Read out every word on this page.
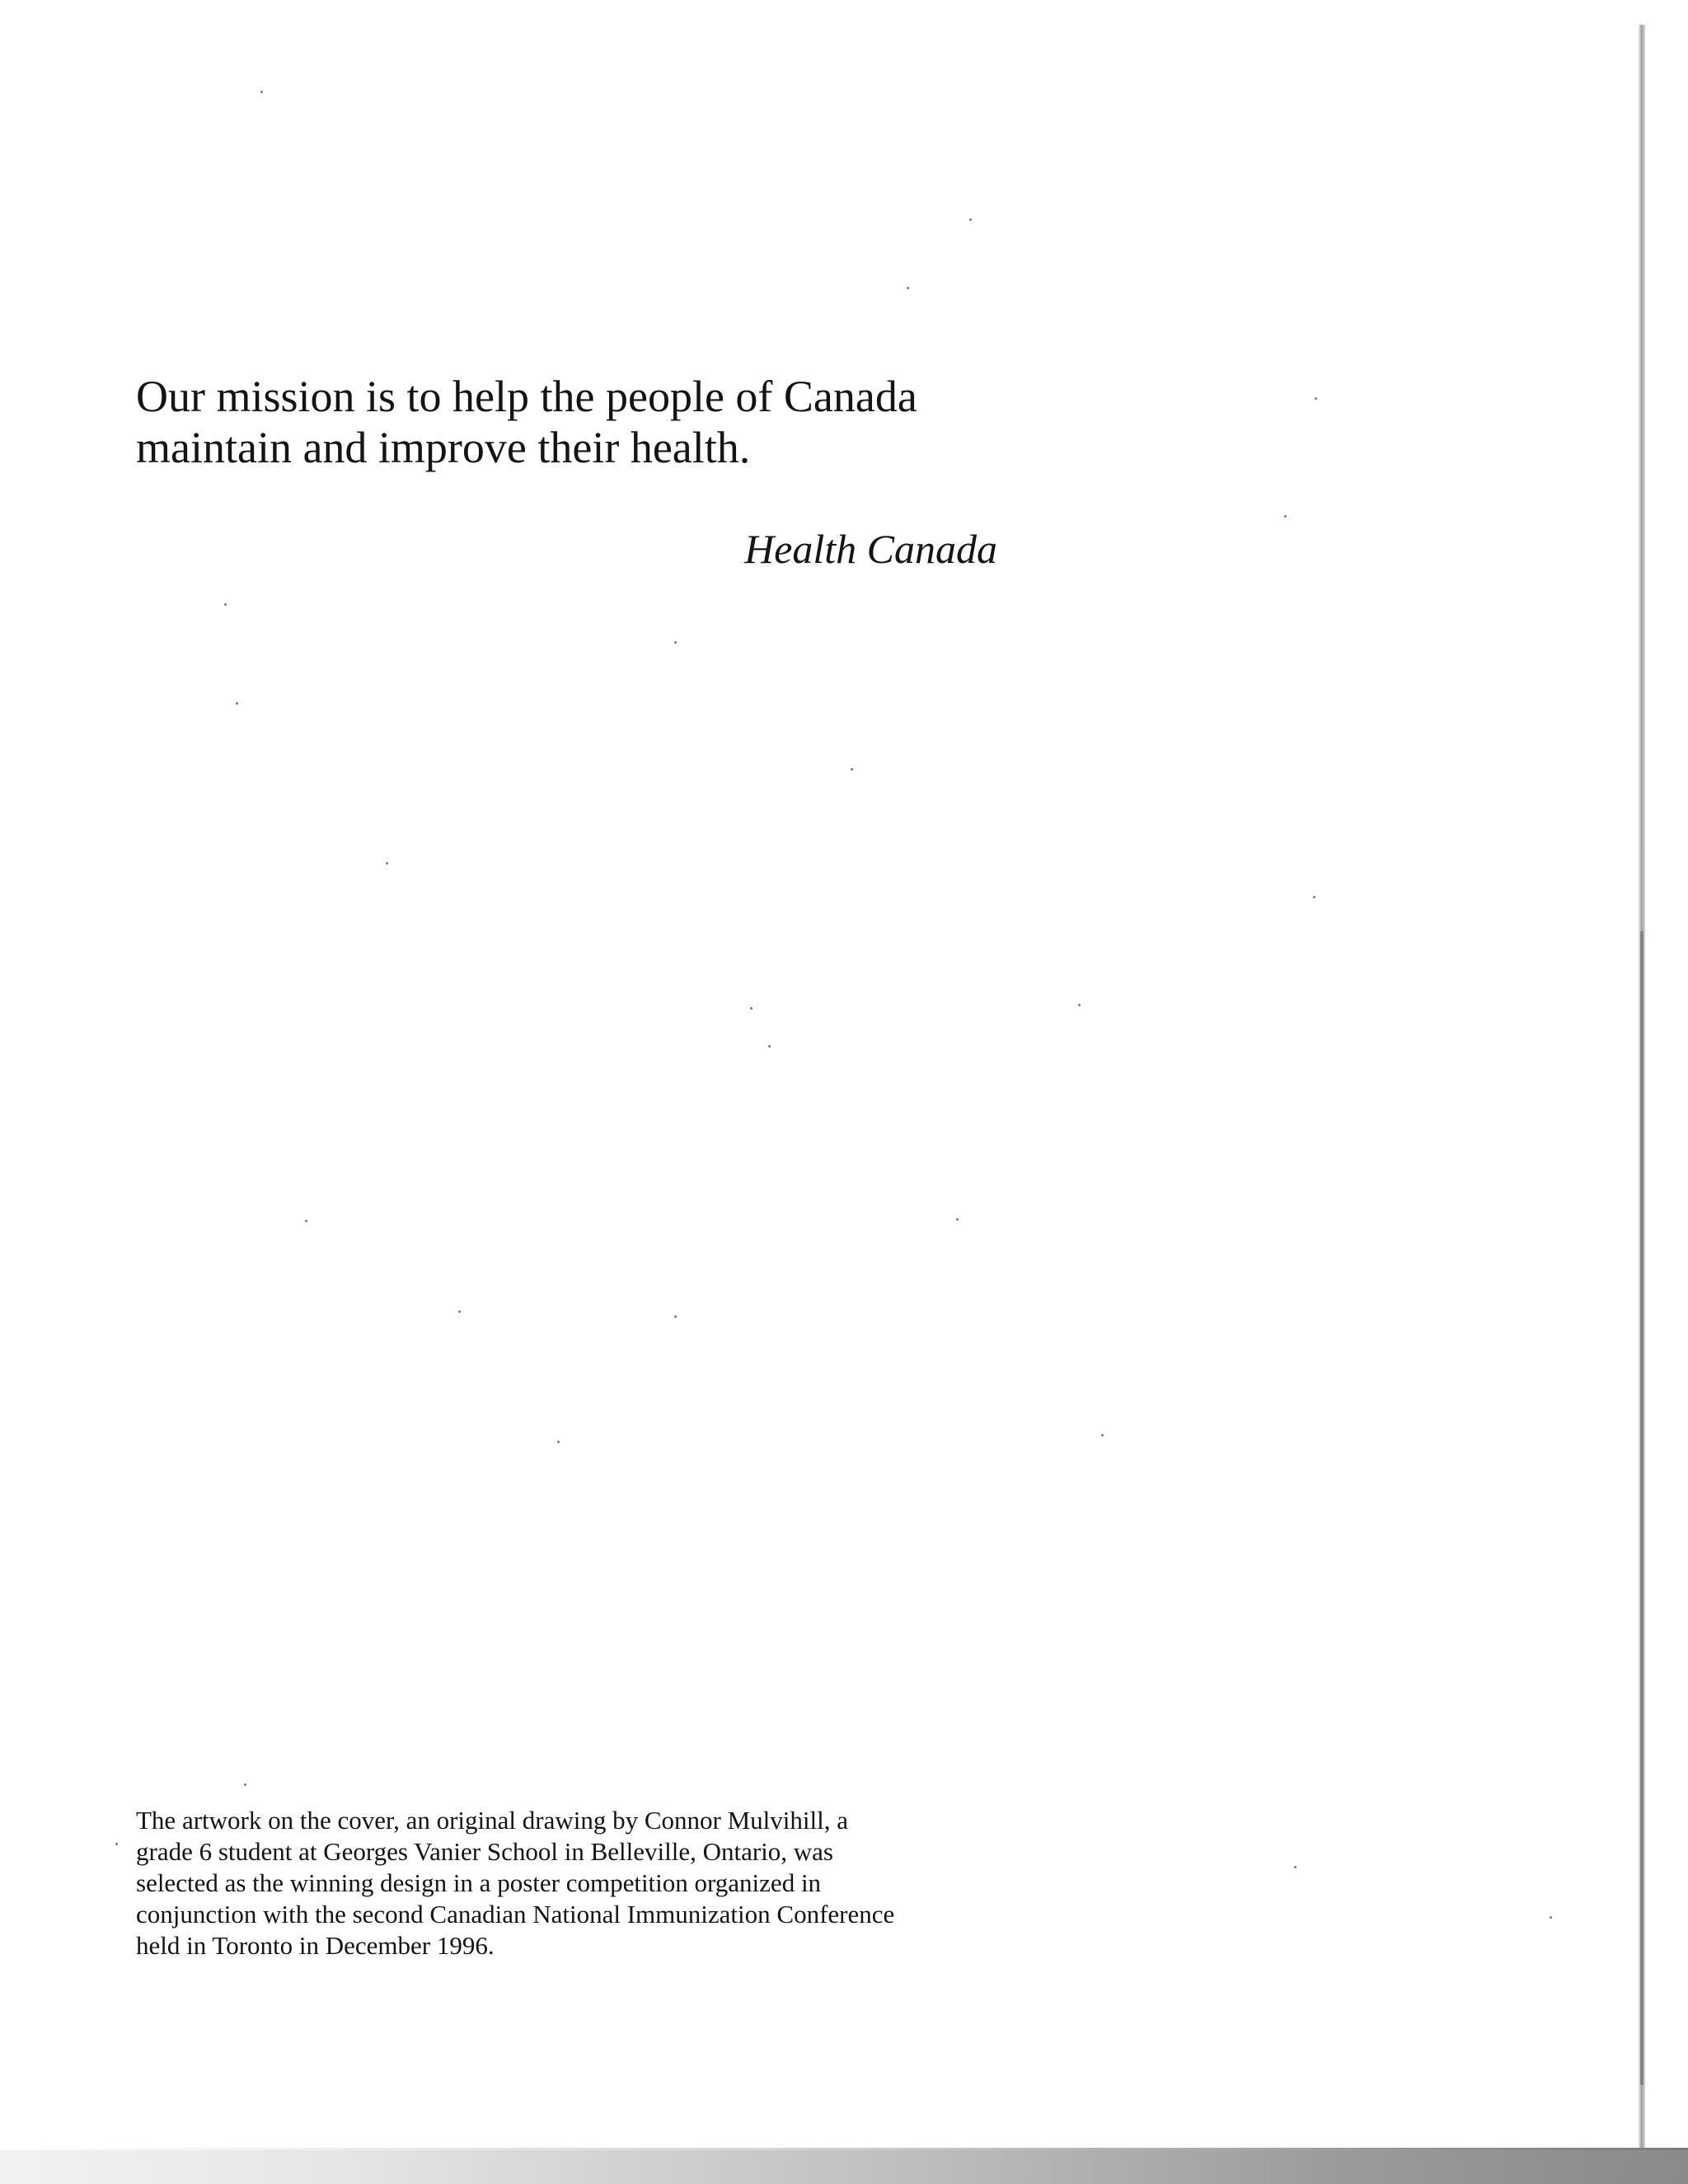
Our mission is to help the people of Canada
maintain and improve their health.

Health Canada

The artwork on the cover, an original drawing by Connor Mulvihill, a
grade 6 student at Georges Vanier School in Belleville, Ontario, was
selected as the winning design in a poster competition organized in
conjunction with the second Canadian National Immunization Conference
held in Toronto in December 1996.
